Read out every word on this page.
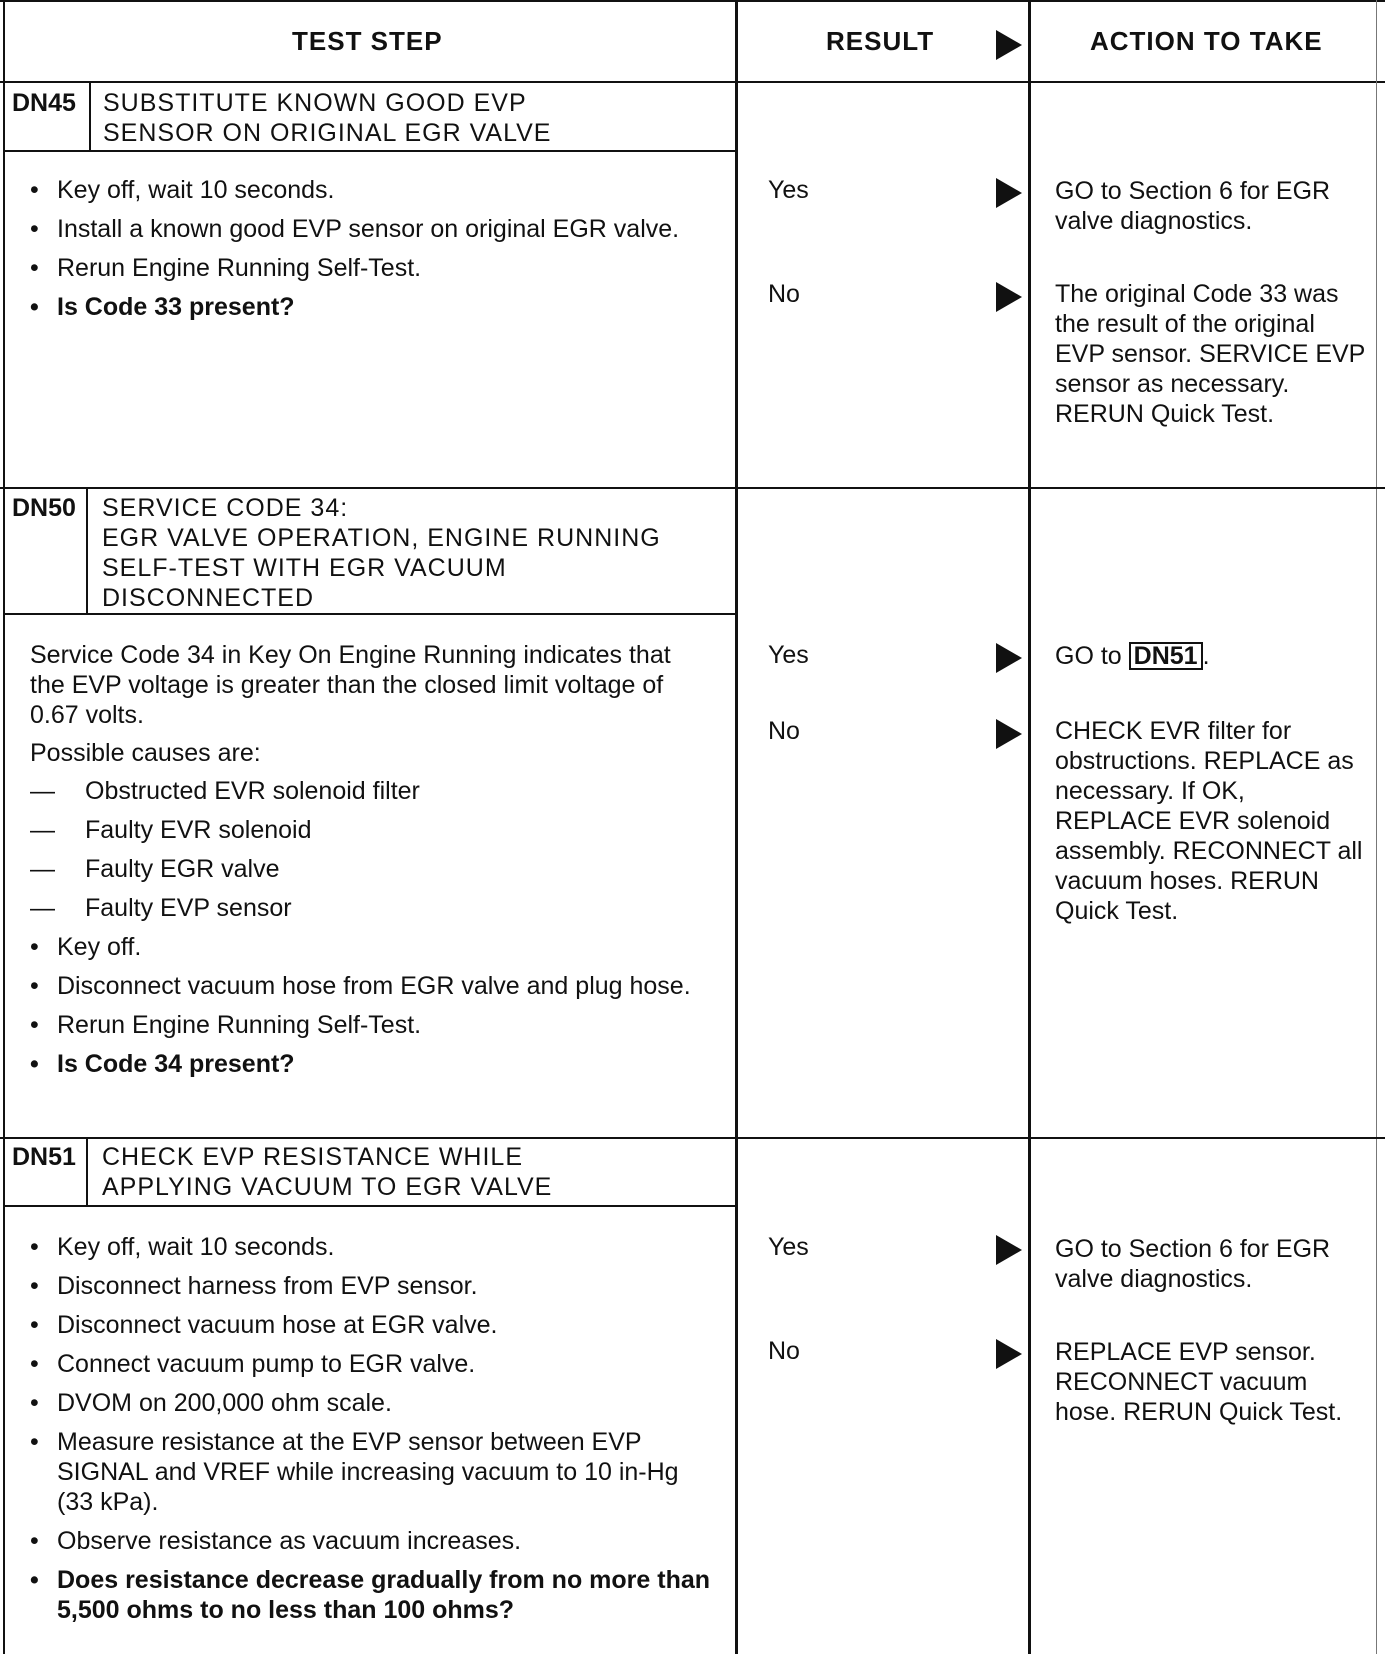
TEST STEP	RESULT	ACTION TO TAKE
DN45 SUBSTITUTE KNOWN GOOD EVP
SENSOR ON ORIGINAL EGR VALVE
• Key off, wait 10 seconds.
• Install a known good EVP sensor on original EGR valve.
• Rerun Engine Running Self-Test.
• Is Code 33 present?
Yes	GO to Section 6 for EGR valve diagnostics.
No	The original Code 33 was the result of the original EVP sensor. SERVICE EVP sensor as necessary. RERUN Quick Test.
DN50 SERVICE CODE 34:
EGR VALVE OPERATION, ENGINE RUNNING
SELF-TEST WITH EGR VACUUM
DISCONNECTED
Service Code 34 in Key On Engine Running indicates that the EVP voltage is greater than the closed limit voltage of 0.67 volts.
Possible causes are:
—	Obstructed EVR solenoid filter
—	Faulty EVR solenoid
—	Faulty EGR valve
—	Faulty EVP sensor
• Key off.
• Disconnect vacuum hose from EGR valve and plug hose.
• Rerun Engine Running Self-Test.
• Is Code 34 present?
Yes	GO to DN51 .
No	CHECK EVR filter for obstructions. REPLACE as necessary. If OK, REPLACE EVR solenoid assembly. RECONNECT all vacuum hoses. RERUN Quick Test.
DN51 CHECK EVP RESISTANCE WHILE
APPLYING VACUUM TO EGR VALVE
• Key off, wait 10 seconds.
• Disconnect harness from EVP sensor.
• Disconnect vacuum hose at EGR valve.
• Connect vacuum pump to EGR valve.
• DVOM on 200,000 ohm scale.
• Measure resistance at the EVP sensor between EVP SIGNAL and VREF while increasing vacuum to 10 in-Hg (33 kPa).
• Observe resistance as vacuum increases.
• Does resistance decrease gradually from no more than 5,500 ohms to no less than 100 ohms?
Yes	GO to Section 6 for EGR valve diagnostics.
No	REPLACE EVP sensor. RECONNECT vacuum hose. RERUN Quick Test.
